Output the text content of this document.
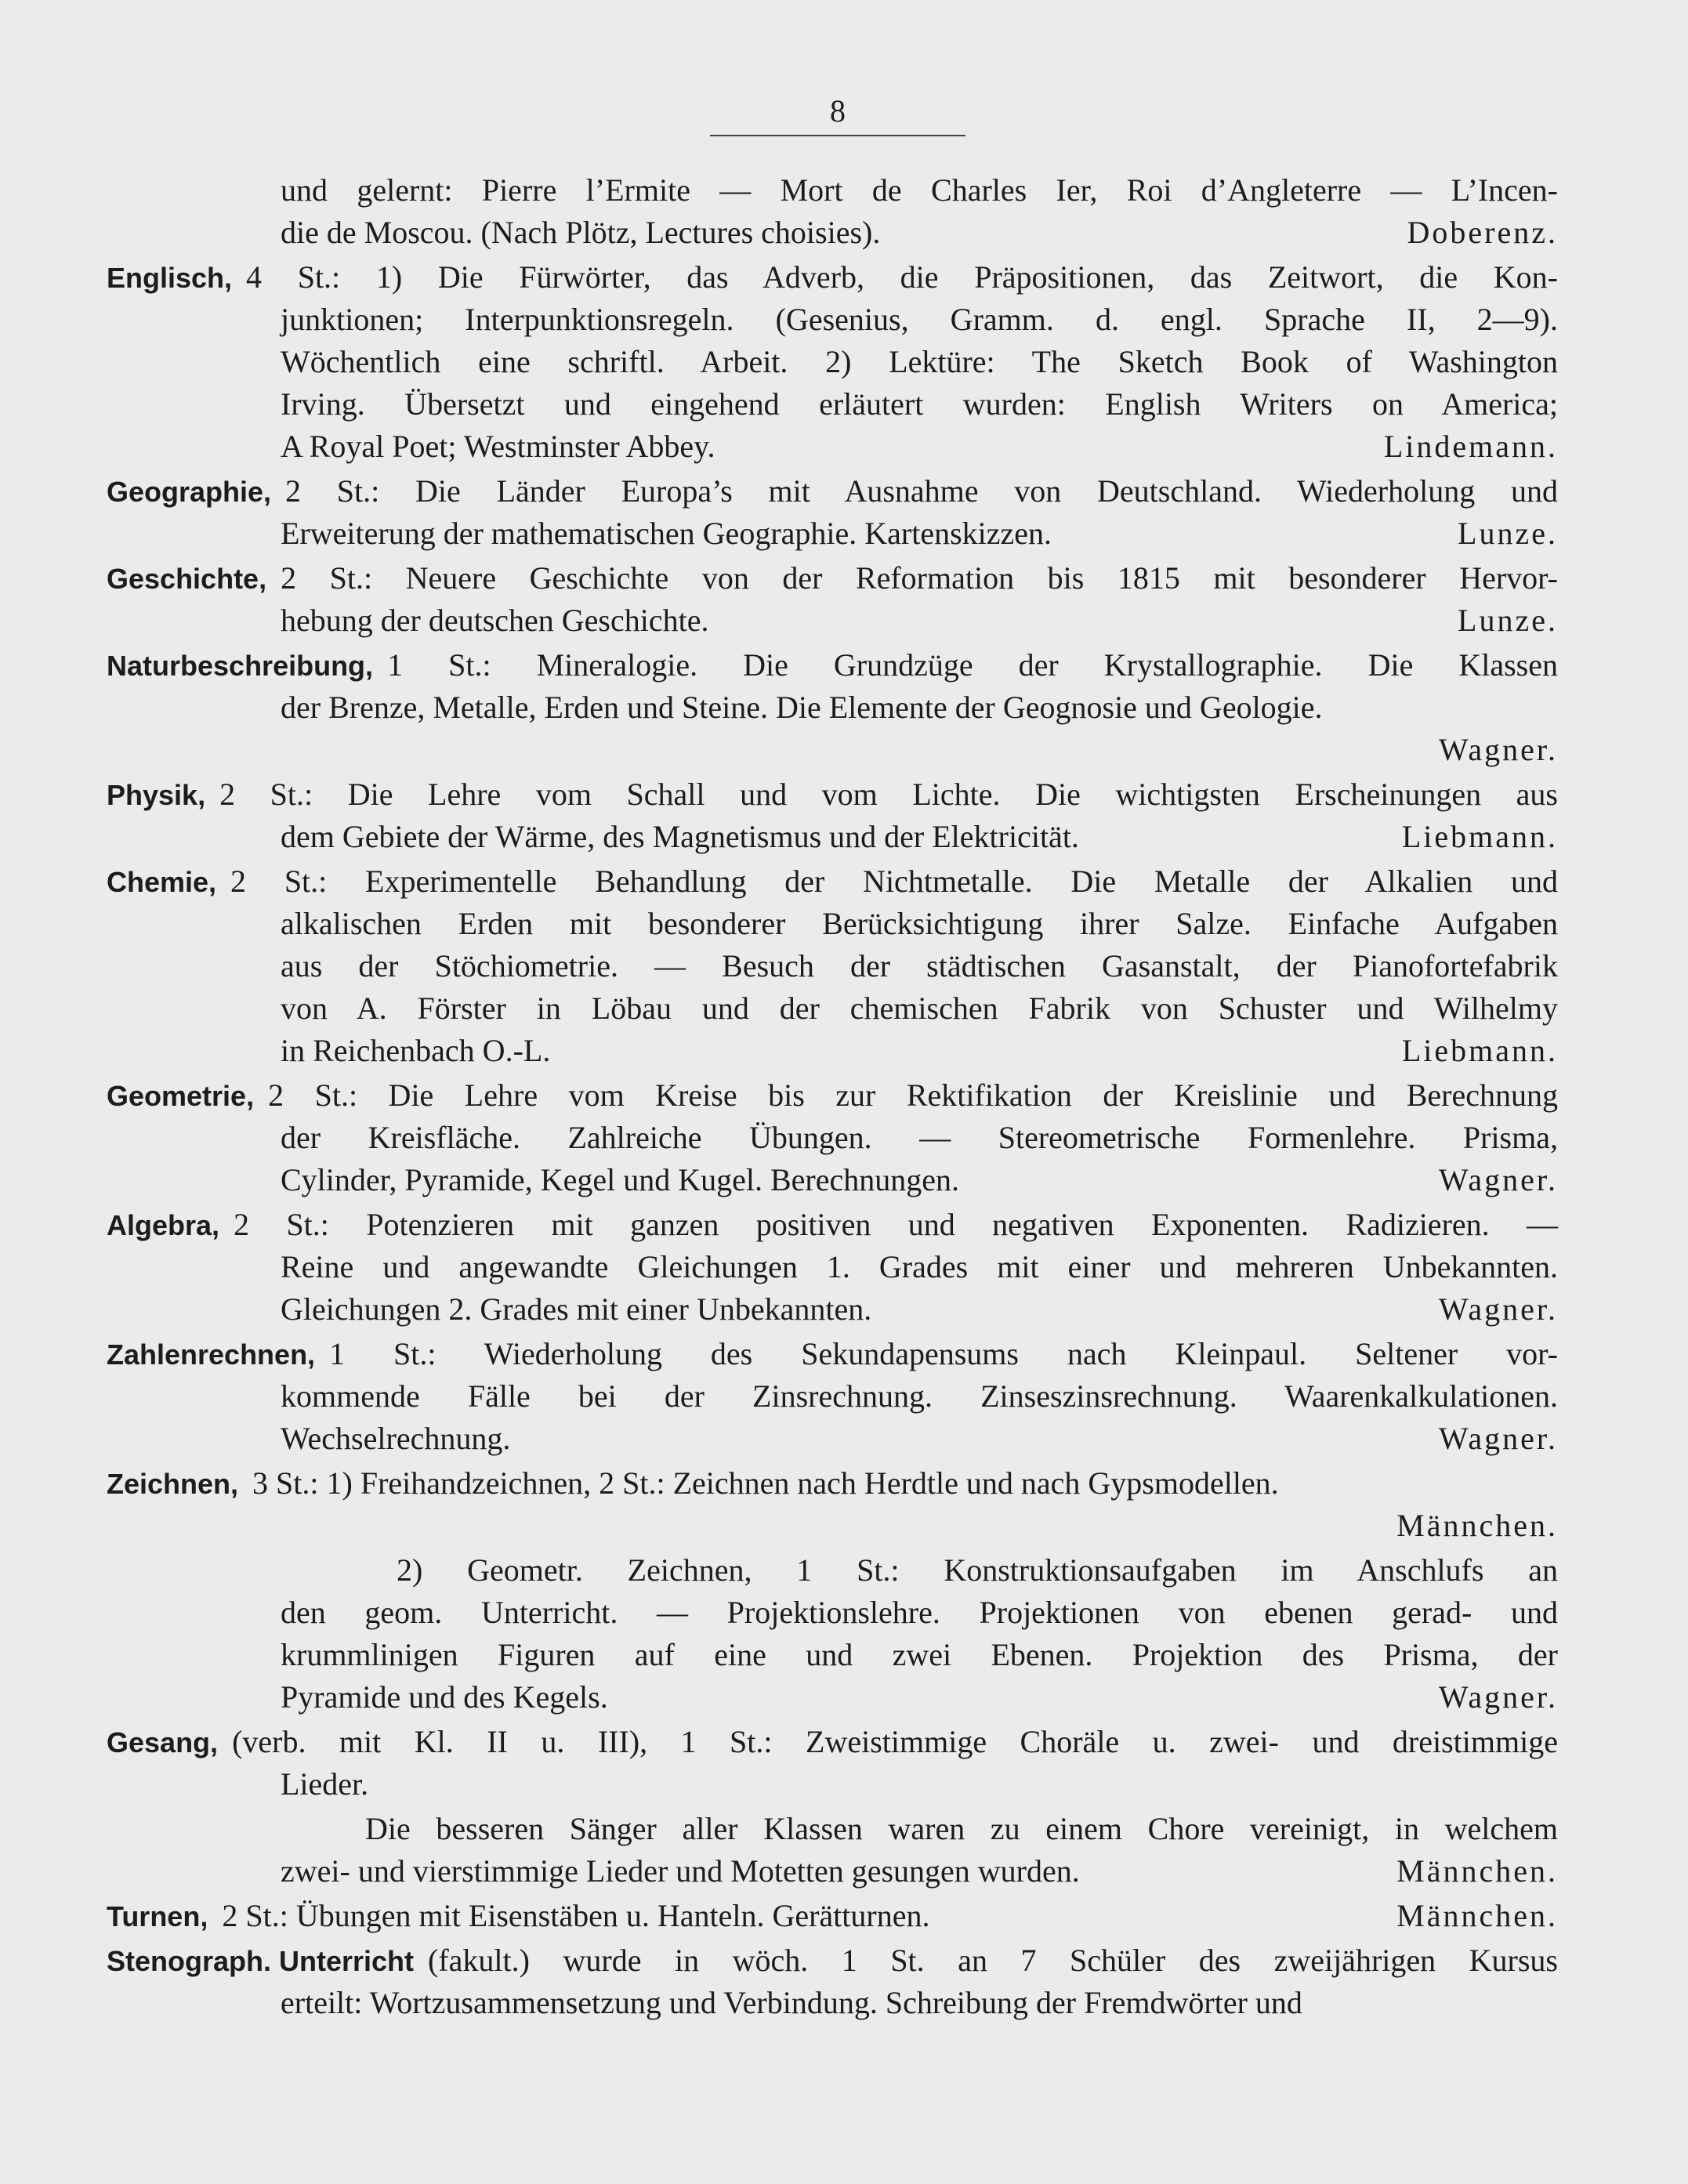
8
und gelernt: Pierre l’Ermite — Mort de Charles Ier, Roi d’Angleterre — L’Incen-
die de Moscou. (Nach Plötz, Lectures choisies).	Doberenz.
Englisch, 4 St.: 1) Die Fürwörter, das Adverb, die Präpositionen, das Zeitwort, die Kon-
junktionen; Interpunktionsregeln. (Gesenius, Gramm. d. engl. Sprache II, 2—9).
Wöchentlich eine schriftl. Arbeit. 2) Lektüre: The Sketch Book of Washington
Irving. Übersetzt und eingehend erläutert wurden: English Writers on America;
A Royal Poet; Westminster Abbey.	Lindemann.
Geographie, 2 St.: Die Länder Europa’s mit Ausnahme von Deutschland. Wiederholung und
Erweiterung der mathematischen Geographie. Kartenskizzen.	Lunze.
Geschichte, 2 St.: Neuere Geschichte von der Reformation bis 1815 mit besonderer Hervor-
hebung der deutschen Geschichte.	Lunze.
Naturbeschreibung, 1 St.: Mineralogie. Die Grundzüge der Krystallographie. Die Klassen
der Brenze, Metalle, Erden und Steine. Die Elemente der Geognosie und Geologie.
Wagner.
Physik, 2 St.: Die Lehre vom Schall und vom Lichte. Die wichtigsten Erscheinungen aus
dem Gebiete der Wärme, des Magnetismus und der Elektricität.	Liebmann.
Chemie, 2 St.: Experimentelle Behandlung der Nichtmetalle. Die Metalle der Alkalien und
alkalischen Erden mit besonderer Berücksichtigung ihrer Salze. Einfache Aufgaben
aus der Stöchiometrie. — Besuch der städtischen Gasanstalt, der Pianofortefabrik
von A. Förster in Löbau und der chemischen Fabrik von Schuster und Wilhelmy
in Reichenbach O.-L.	Liebmann.
Geometrie, 2 St.: Die Lehre vom Kreise bis zur Rektifikation der Kreislinie und Berechnung
der Kreisfläche. Zahlreiche Übungen. — Stereometrische Formenlehre. Prisma,
Cylinder, Pyramide, Kegel und Kugel. Berechnungen.	Wagner.
Algebra, 2 St.: Potenzieren mit ganzen positiven und negativen Exponenten. Radizieren. —
Reine und angewandte Gleichungen 1. Grades mit einer und mehreren Unbekannten.
Gleichungen 2. Grades mit einer Unbekannten.	Wagner.
Zahlenrechnen, 1 St.: Wiederholung des Sekundapensums nach Kleinpaul. Seltener vor-
kommende Fälle bei der Zinsrechnung. Zinseszinsrechnung. Waarenkalkulationen.
Wechselrechnung.	Wagner.
Zeichnen, 3 St.: 1) Freihandzeichnen, 2 St.: Zeichnen nach Herdtle und nach Gypsmodellen.
Männchen.
2) Geometr. Zeichnen, 1 St.: Konstruktionsaufgaben im Anschlufs an
den geom. Unterricht. — Projektionslehre. Projektionen von ebenen gerad- und
krummlinigen Figuren auf eine und zwei Ebenen. Projektion des Prisma, der
Pyramide und des Kegels.	Wagner.
Gesang, (verb. mit Kl. II u. III), 1 St.: Zweistimmige Choräle u. zwei- und dreistimmige
Lieder.
Die besseren Sänger aller Klassen waren zu einem Chore vereinigt, in welchem
zwei- und vierstimmige Lieder und Motetten gesungen wurden.	Männchen.
Turnen, 2 St.: Übungen mit Eisenstäben u. Hanteln. Gerätturnen.	Männchen.
Stenograph. Unterricht (fakult.) wurde in wöch. 1 St. an 7 Schüler des zweijährigen Kursus
erteilt: Wortzusammensetzung und Verbindung. Schreibung der Fremdwörter und
